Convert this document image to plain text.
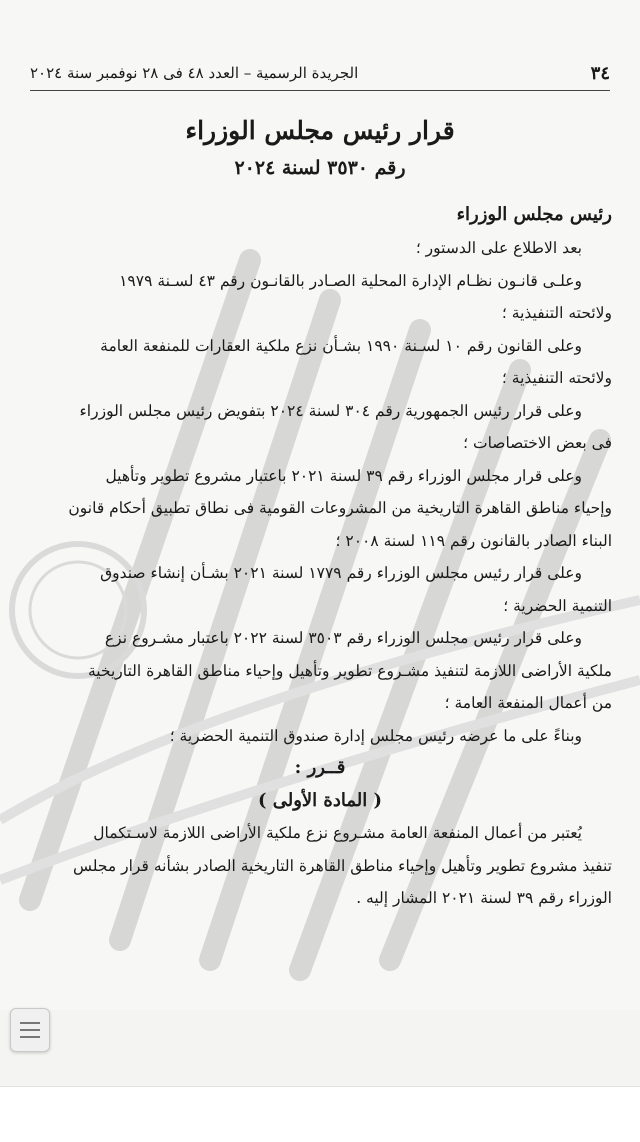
٣٤
الجريدة الرسمية – العدد ٤٨ فى ٢٨ نوفمبر سنة ٢٠٢٤
قرار رئيس مجلس الوزراء
رقم ٣٥٣٠ لسنة ٢٠٢٤
رئيس مجلس الوزراء
بعد الاطلاع على الدستور ؛
وعلـى قانـون نظـام الإدارة المحلية الصـادر بالقانـون رقم ٤٣ لسـنة ١٩٧٩
ولائحته التنفيذية ؛
وعلى القانون رقم ١٠ لسـنة ١٩٩٠ بشـأن نزع ملكية العقارات للمنفعة العامة
ولائحته التنفيذية ؛
وعلى قرار رئيس الجمهورية رقم ٣٠٤ لسنة ٢٠٢٤ بتفويض رئيس مجلس الوزراء
فى بعض الاختصاصات ؛
وعلى قرار مجلس الوزراء رقم ٣٩ لسنة ٢٠٢١ باعتبار مشروع تطوير وتأهيل
وإحياء مناطق القاهرة التاريخية من المشروعات القومية فى نطاق تطبيق أحكام قانون
البناء الصادر بالقانون رقم ١١٩ لسنة ٢٠٠٨ ؛
وعلى قرار رئيس مجلس الوزراء رقم ١٧٧٩ لسنة ٢٠٢١ بشـأن إنشاء صندوق
التنمية الحضرية ؛
وعلى قرار رئيس مجلس الوزراء رقم ٣٥٠٣ لسنة ٢٠٢٢ باعتبار مشـروع نزع
ملكية الأراضى اللازمة لتنفيذ مشـروع تطوير وتأهيل وإحياء مناطق القاهرة التاريخية
من أعمال المنفعة العامة ؛
وبناءً على ما عرضه رئيس مجلس إدارة صندوق التنمية الحضرية ؛
قــرر :
( المادة الأولى )
يُعتبر من أعمال المنفعة العامة مشـروع نزع ملكية الأراضى اللازمة لاسـتكمال
تنفيذ مشروع تطوير وتأهيل وإحياء مناطق القاهرة التاريخية الصادر بشأنه قرار مجلس
الوزراء رقم ٣٩ لسنة ٢٠٢١ المشار إليه .
